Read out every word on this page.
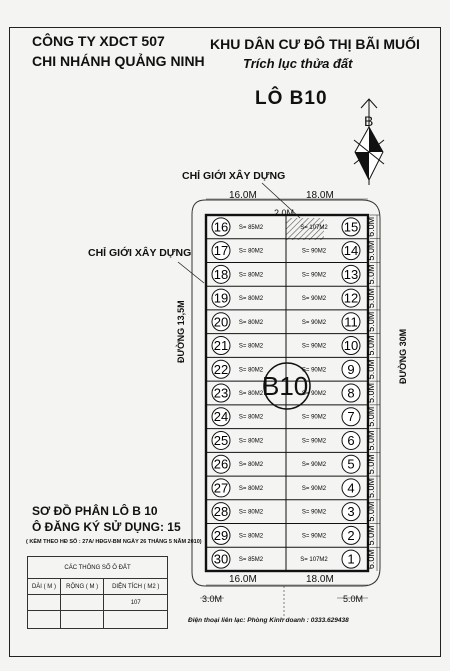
CÔNG TY XDCT 507
CHI NHÁNH QUẢNG NINH
KHU DÂN CƯ ĐÔ THỊ BÃI MUỐI
Trích lục thửa đất
LÔ B10
CHỈ GIỚI XÂY DỰNG
CHỈ GIỚI XÂY DỰNG
16.0M	18.0M
16.0M	18.0M
2.0M
3.0M	5.0M
ĐƯỜNG 13,5M	ĐƯỜNG 30M
16 S= 85M2	S= 107M2 15 6.0M
17 S= 80M2	S= 90M2 14 5.0M
18 S= 80M2	S= 90M2 13 5.0M
19 S= 80M2	S= 90M2 12 5.0M
20 S= 80M2	S= 90M2 11 5.0M
21 S= 80M2	S= 90M2 10 5.0M
22 S= 80M2	S= 90M2 9 5.0M
23 S= 80M2	S= 90M2 8 5.0M
24 S= 80M2	S= 90M2 7 5.0M
25 S= 80M2	S= 90M2 6 5.0M
26 S= 80M2	S= 90M2 5 5.0M
27 S= 80M2	S= 90M2 4 5.0M
28 S= 80M2	S= 90M2 3 5.0M
29 S= 80M2	S= 90M2 2 5.0M
30 S= 85M2	S= 107M2 1 6.0M
B10
B
SƠ ĐỒ PHÂN LÔ B 10
Ô ĐĂNG KÝ SỬ DỤNG: 15
( KÈM THEO HĐ SỐ : 27A/ HĐGV-BM NGÀY 26 THÁNG 5 NĂM 2010)
CÁC THÔNG SỐ Ô ĐẤT		
DÀI ( M )	RỘNG ( M )	DIỆN TÍCH ( M2 )
		107

Điện thoại liên lạc: Phòng Kinh doanh : 0333.629438
